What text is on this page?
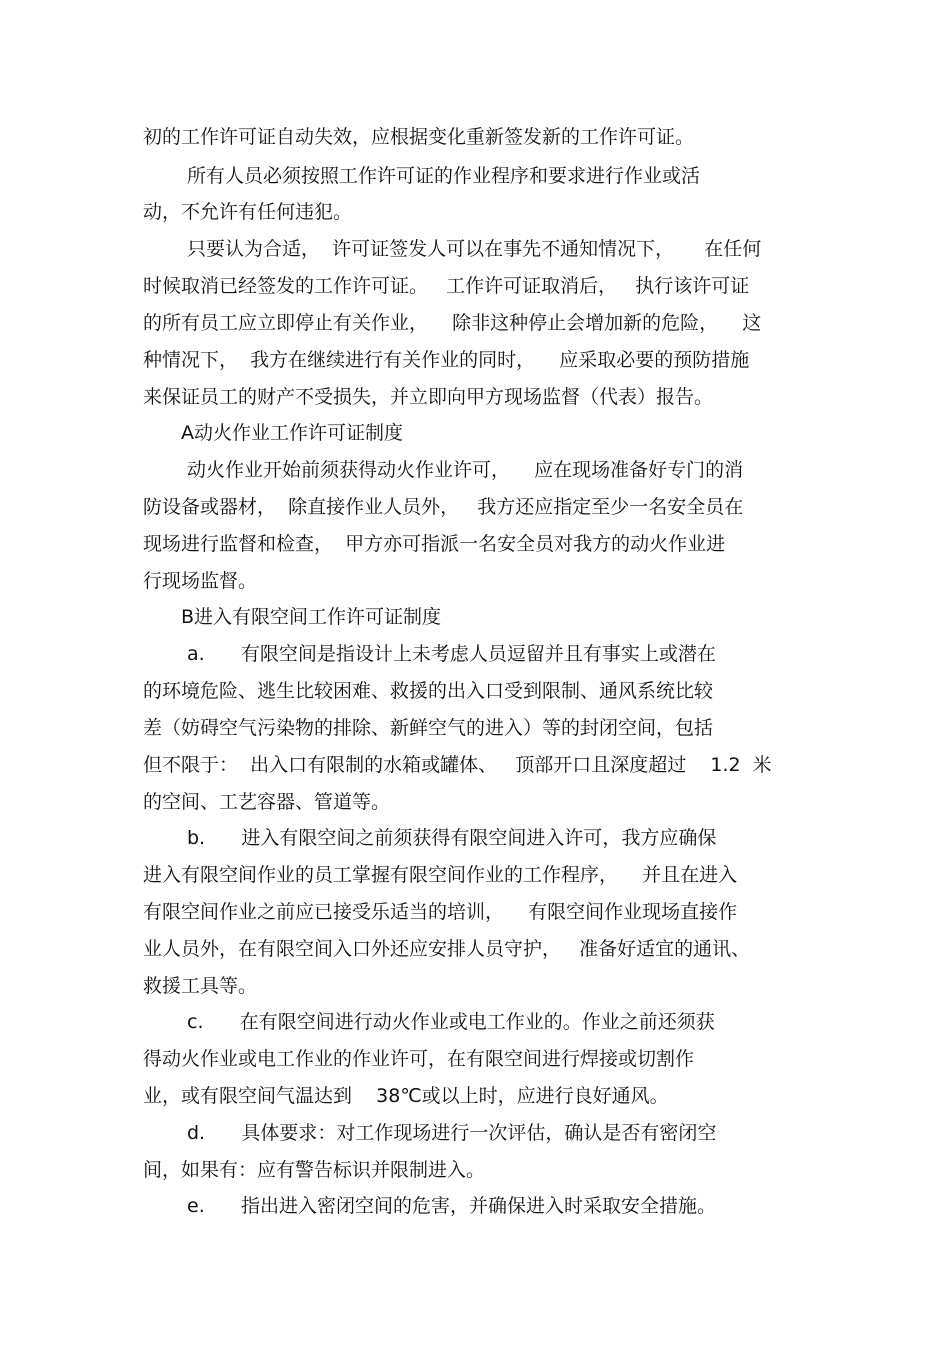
初的工作许可证自动失效，应根据变化重新签发新的工作许可证。
所有人员必须按照工作许可证的作业程序和要求进行作业或活
动，不允许有任何违犯。
只要认为合适，  许可证签发人可以在事先不通知情况下，     在任何
时候取消已经签发的工作许可证。   工作许可证取消后，   执行该许可证
的所有员工应立即停止有关作业，    除非这种停止会增加新的危险，    这
种情况下，  我方在继续进行有关作业的同时，    应采取必要的预防措施
来保证员工的财产不受损失，并立即向甲方现场监督（代表）报告。
A动火作业工作许可证制度
动火作业开始前须获得动火作业许可，    应在现场准备好专门的消
防设备或器材，  除直接作业人员外，   我方还应指定至少一名安全员在
现场进行监督和检查，  甲方亦可指派一名安全员对我方的动火作业进
行现场监督。
B进入有限空间工作许可证制度
a.      有限空间是指设计上未考虑人员逗留并且有事实上或潜在
的环境危险、逃生比较困难、救援的出入口受到限制、通风系统比较
差（妨碍空气污染物的排除、新鲜空气的进入）等的封闭空间，包括
但不限于：  出入口有限制的水箱或罐体、   顶部开口且深度超过    1.2  米
的空间、工艺容器、管道等。
b.      进入有限空间之前须获得有限空间进入许可，我方应确保
进入有限空间作业的员工掌握有限空间作业的工作程序，    并且在进入
有限空间作业之前应已接受乐适当的培训，    有限空间作业现场直接作
业人员外，在有限空间入口外还应安排人员守护，   准备好适宜的通讯、
救援工具等。
c.      在有限空间进行动火作业或电工作业的。作业之前还须获
得动火作业或电工作业的作业许可，在有限空间进行焊接或切割作
业，或有限空间气温达到    38℃或以上时，应进行良好通风。
d.      具体要求：对工作现场进行一次评估，确认是否有密闭空
间，如果有：应有警告标识并限制进入。
e.      指出进入密闭空间的危害，并确保进入时采取安全措施。
